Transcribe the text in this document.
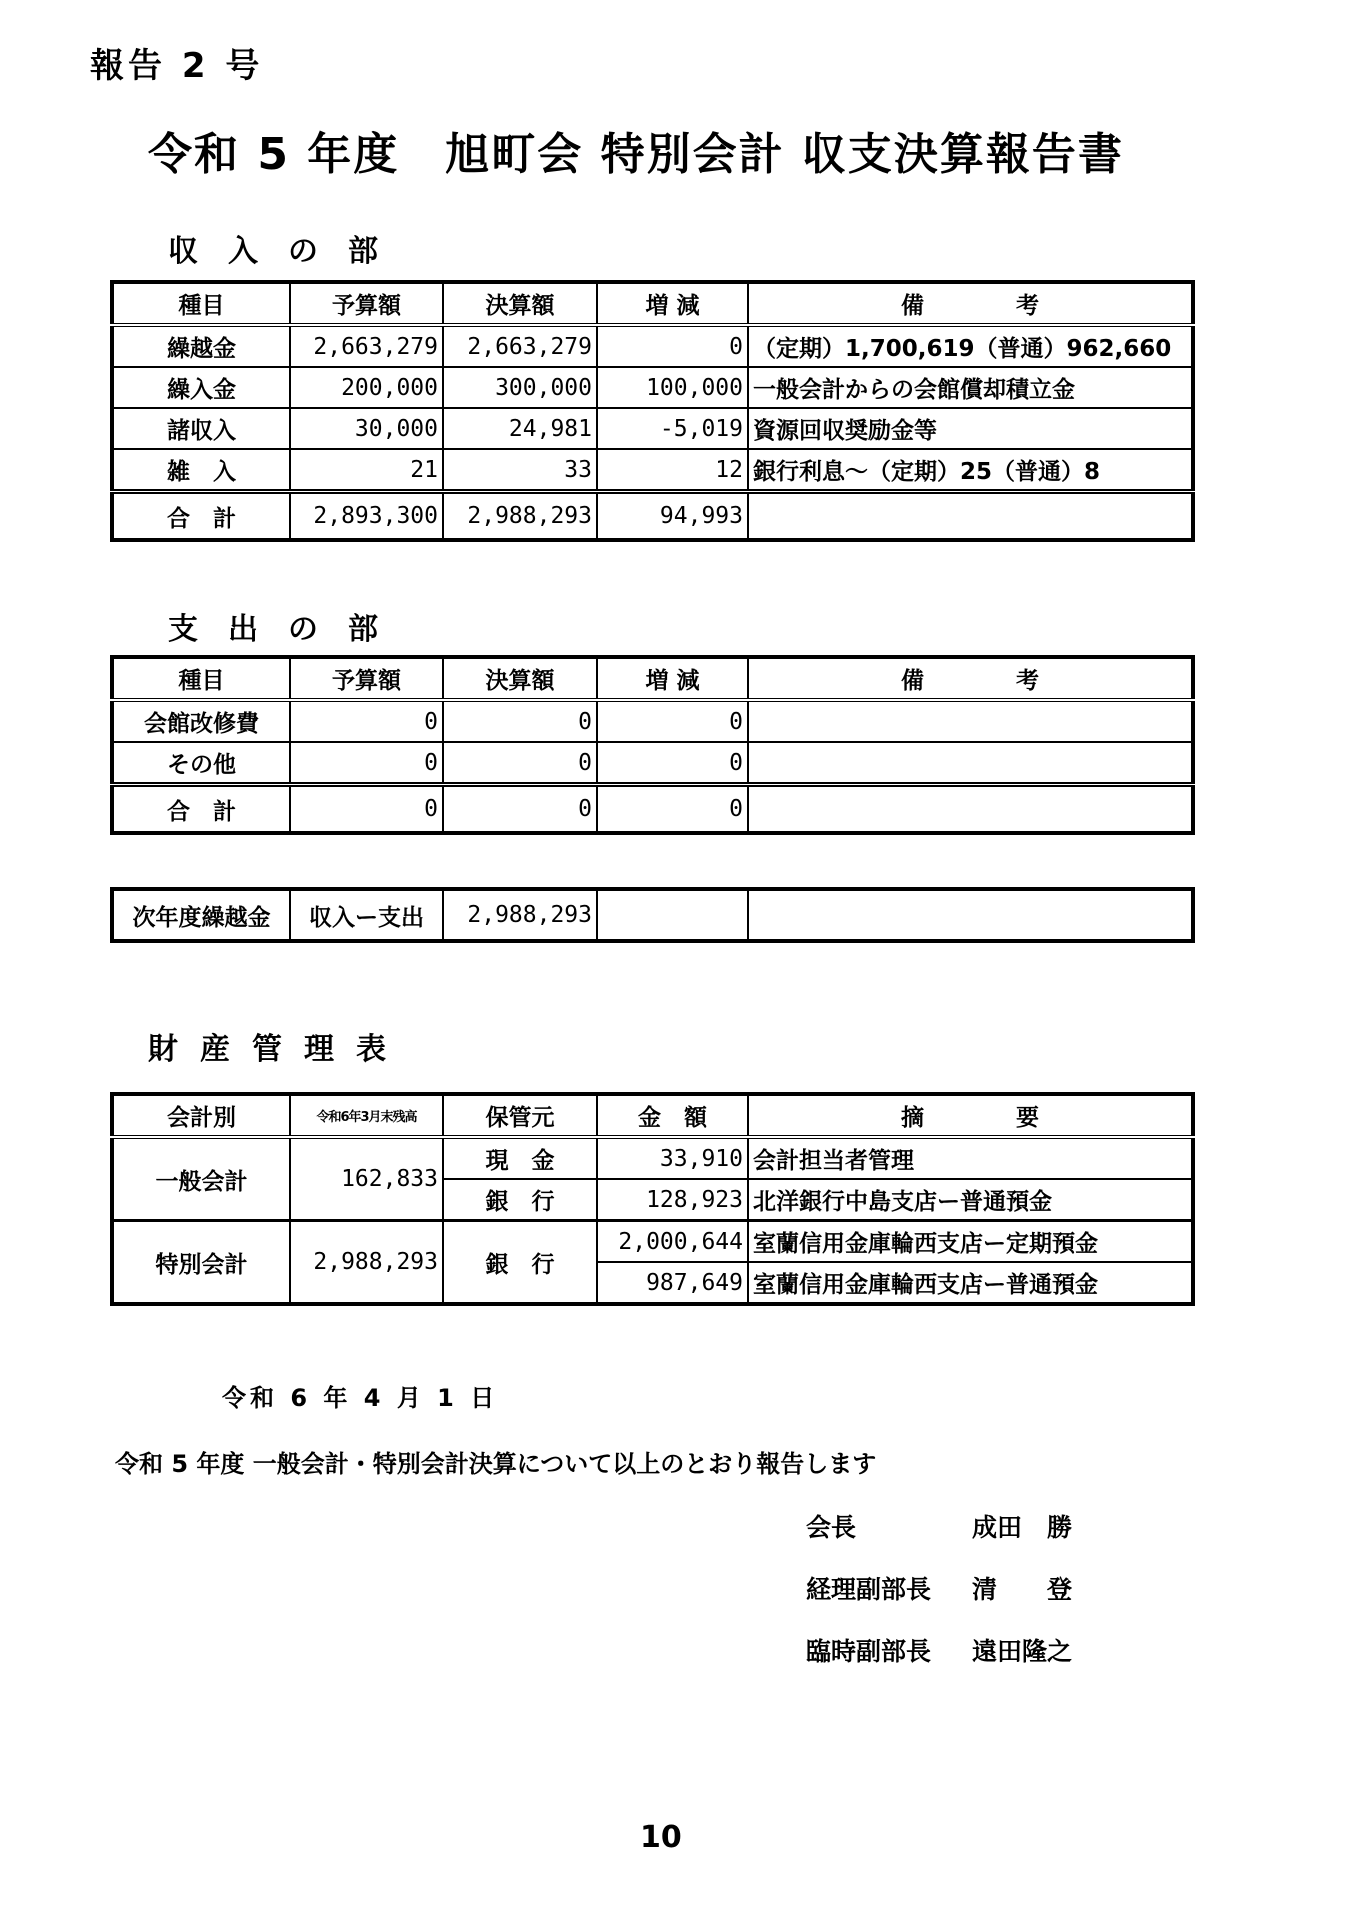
報告 2 号
令和 5 年度　旭町会 特別会計 収支決算報告書
収入の部
種目	予算額	決算額	増 減	備　　　　考
繰越金	2,663,279	2,663,279	0	（定期）1,700,619（普通）962,660
繰入金	200,000	300,000	100,000	一般会計からの会館償却積立金
諸収入	30,000	24,981	-5,019	資源回収奨励金等
雑　入	21	33	12	銀行利息～（定期）25（普通）8
合　計	2,893,300	2,988,293	94,993	
支出の部
種目	予算額	決算額	増 減	備　　　　考
会館改修費	0	0	0	
その他	0	0	0	
合　計	0	0	0	
次年度繰越金	収入ー支出	2,988,293		
財産管理表
会計別	令和6年3月末残高	保管元	金　額	摘　　　　要
一般会計	162,833	現　金	33,910	会計担当者管理
		銀　行	128,923	北洋銀行中島支店ー普通預金
特別会計	2,988,293	銀　行	2,000,644	室蘭信用金庫輪西支店ー定期預金
			987,649	室蘭信用金庫輪西支店ー普通預金
令和 6 年 4 月 1 日
令和 5 年度 一般会計・特別会計決算について以上のとおり報告します
会長	成田　勝
経理副部長 清　　登
臨時副部長 遠田隆之
10
